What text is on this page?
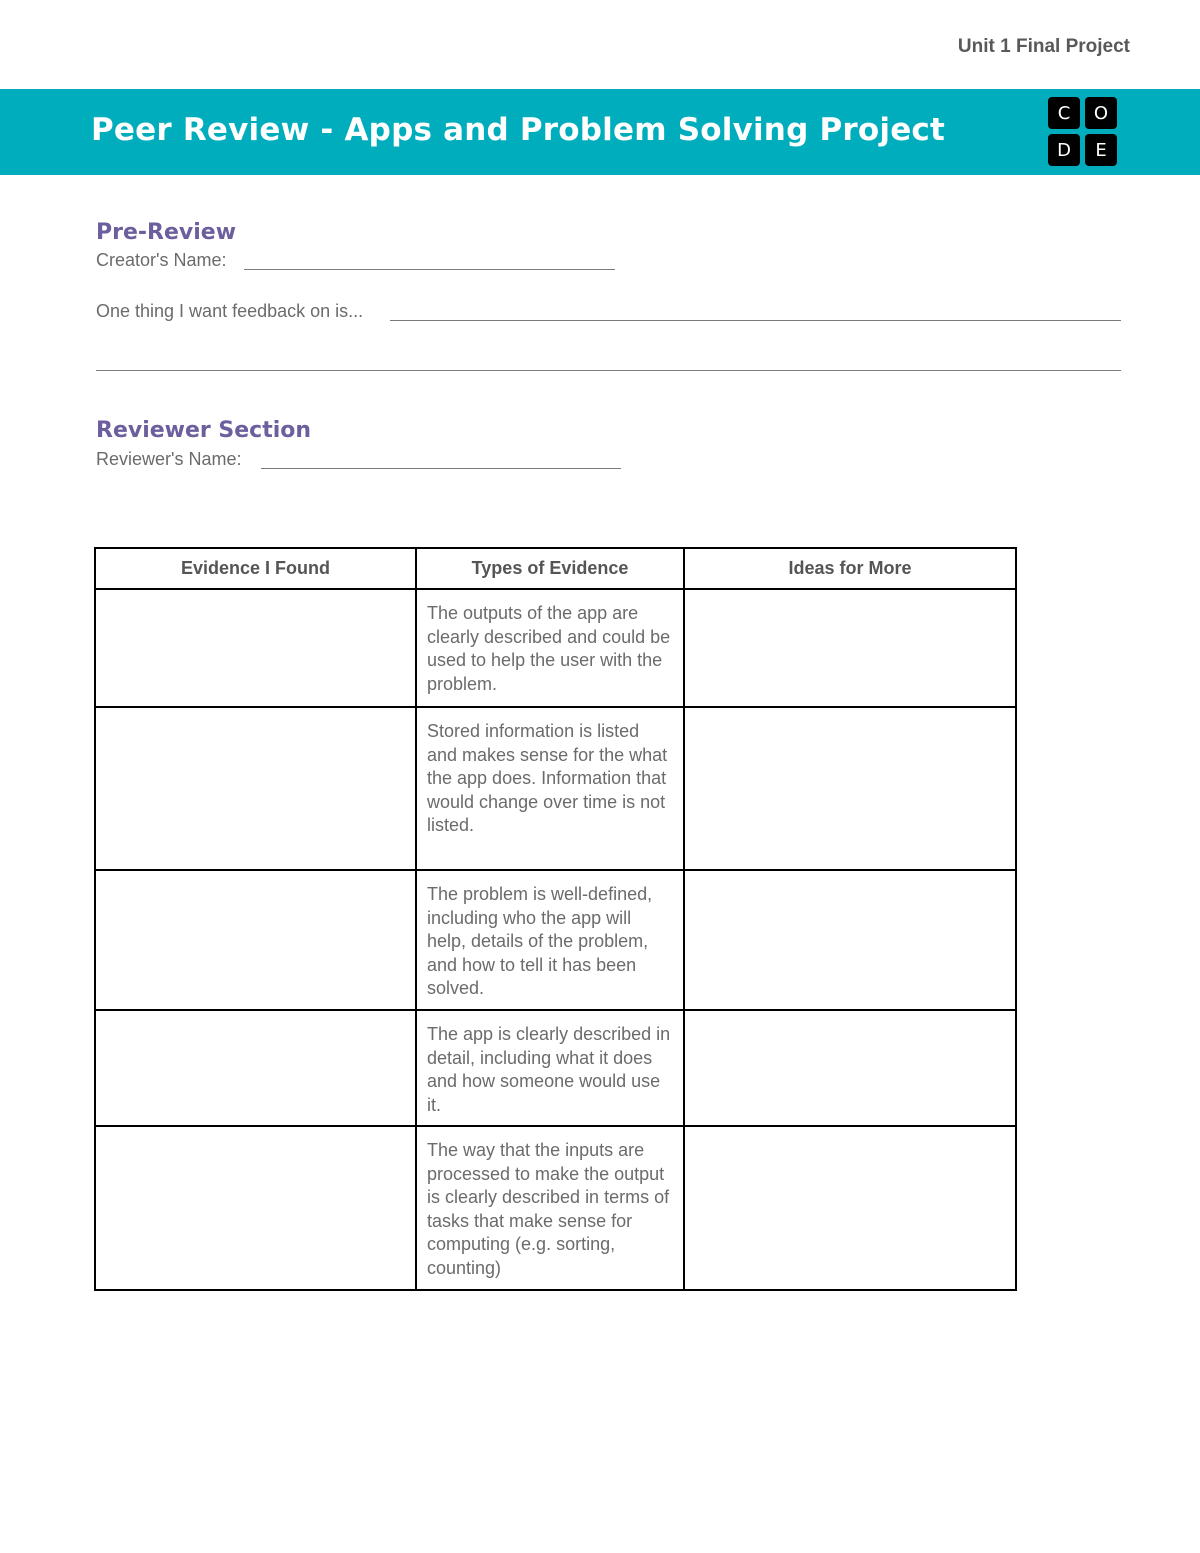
Unit 1 Final Project
Peer Review - Apps and Problem Solving Project	C	O
D	E
Pre-Review
Creator's Name:
One thing I want feedback on is...
Reviewer Section
Reviewer's Name:
Evidence I Found	Types of Evidence	Ideas for More
	The outputs of the app are clearly described and could be used to help the user with the problem.	
	Stored information is listed and makes sense for the what the app does. Information that would change over time is not listed.	
	The problem is well-defined, including who the app will help, details of the problem, and how to tell it has been solved.	
	The app is clearly described in detail, including what it does and how someone would use it.	
	The way that the inputs are processed to make the output is clearly described in terms of tasks that make sense for computing (e.g. sorting, counting)	
